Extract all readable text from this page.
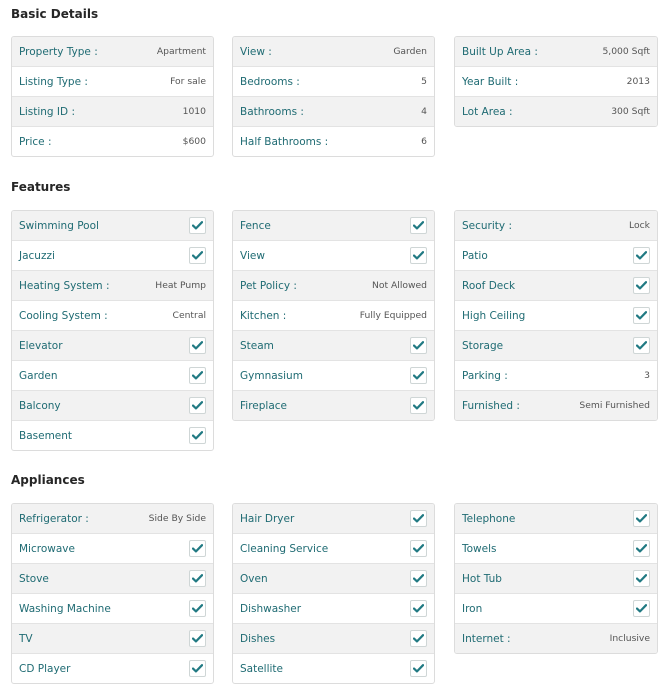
Basic Details
Features
Appliances
Property Type :	Apartment
Listing Type :	For sale
Listing ID :	1010
Price :	$600
View :	Garden
Bedrooms :	5
Bathrooms :	4
Half Bathrooms :	6
Built Up Area :	5,000 Sqft
Year Built :	2013
Lot Area :	300 Sqft
Swimming Pool
Jacuzzi
Heating System :	Heat Pump
Cooling System :	Central
Elevator
Garden
Balcony
Basement
Fence
View
Pet Policy :	Not Allowed
Kitchen :	Fully Equipped
Steam
Gymnasium
Fireplace
Security :	Lock
Patio
Roof Deck
High Ceiling
Storage
Parking :	3
Furnished :	Semi Furnished
Refrigerator :	Side By Side
Microwave
Stove
Washing Machine
TV
CD Player
Hair Dryer
Cleaning Service
Oven
Dishwasher
Dishes
Satellite
Telephone
Towels
Hot Tub
Iron
Internet :	Inclusive
